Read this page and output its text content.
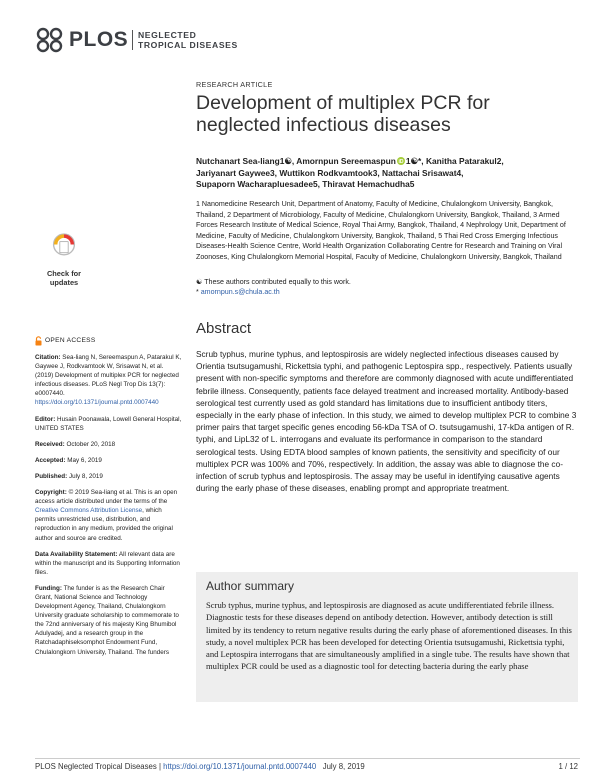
PLOS NEGLECTED
TROPICAL DISEASES
RESEARCH ARTICLE
Development of multiplex PCR for neglected infectious diseases
Nutchanart Sea-liang1☯, Amornpun Sereemaspun iD 1☯*, Kanitha Patarakul2,
Jariyanart Gaywee3, Wuttikon Rodkvamtook3, Nattachai Srisawat4,
Supaporn Wacharapluesadee5, Thiravat Hemachudha5
1 Nanomedicine Research Unit, Department of Anatomy, Faculty of Medicine, Chulalongkorn University, Bangkok, Thailand, 2 Department of Microbiology, Faculty of Medicine, Chulalongkorn University, Bangkok, Thailand, 3 Armed Forces Research Institute of Medical Science, Royal Thai Army, Bangkok, Thailand, 4 Nephrology Unit, Department of Medicine, Faculty of Medicine, Chulalongkorn University, Bangkok, Thailand, 5 Thai Red Cross Emerging Infectious Diseases-Health Science Centre, World Health Organization Collaborating Centre for Research and Training on Viral Zoonoses, King Chulalongkorn Memorial Hospital, Faculty of Medicine, Chulalongkorn University, Bangkok, Thailand
☯ These authors contributed equally to this work.
* amornpun.s@chula.ac.th
Check for
updates
Abstract

Scrub typhus, murine typhus, and leptospirosis are widely neglected infectious diseases caused by Orientia tsutsugamushi, Rickettsia typhi, and pathogenic Leptospira spp., respectively. Patients usually present with non-specific symptoms and therefore are commonly diagnosed with acute undifferentiated febrile illness. Consequently, patients face delayed treatment and increased mortality. Antibody-based serological test currently used as gold standard has limitations due to insufficient antibody titers, especially in the early phase of infection. In this study, we aimed to develop multiplex PCR to combine 3 primer pairs that target specific genes encoding 56-kDa TSA of O. tsutsugamushi, 17-kDa antigen of R. typhi, and LipL32 of L. interrogans and evaluate its performance in comparison to the standard serological tests. Using EDTA blood samples of known patients, the sensitivity and specificity of our multiplex PCR was 100% and 70%, respectively. In addition, the assay was able to diagnose the co-infection of scrub typhus and leptospirosis. The assay may be useful in identifying causative agents during the early phase of these diseases, enabling prompt and appropriate treatment.

Author summary

Scrub typhus, murine typhus, and leptospirosis are diagnosed as acute undifferentiated febrile illness. Diagnostic tests for these diseases depend on antibody detection. However, antibody detection is still limited by its tendency to return negative results during the early phase of aforementioned diseases. In this study, a novel multiplex PCR has been developed for detecting Orientia tsutsugamushi, Rickettsia typhi, and Leptospira interrogans that are simultaneously amplified in a single tube. The results have shown that multiplex PCR could be used as a diagnostic tool for detecting bacteria during the early phase

OPEN ACCESS
Citation: Sea-liang N, Sereemaspun A, Patarakul K, Gaywee J, Rodkvamtook W, Srisawat N, et al. (2019) Development of multiplex PCR for neglected infectious diseases. PLoS Negl Trop Dis 13(7): e0007440. https://doi.org/10.1371/journal.pntd.0007440
Editor: Husain Poonawala, Lowell General Hospital, UNITED STATES
Received: October 20, 2018
Accepted: May 6, 2019
Published: July 8, 2019
Copyright: © 2019 Sea-liang et al. This is an open access article distributed under the terms of the Creative Commons Attribution License, which permits unrestricted use, distribution, and reproduction in any medium, provided the original author and source are credited.
Data Availability Statement: All relevant data are within the manuscript and its Supporting Information files.
Funding: The funder is as the Research Chair Grant, National Science and Technology Development Agency, Thailand, Chulalongkorn University graduate scholarship to commemorate to the 72nd anniversary of his majesty King Bhumibol Adulyadej, and a research group in the Ratchadaphiseksomphot Endowment Fund, Chulalongkorn University, Thailand. The funders
PLOS Neglected Tropical Diseases | https://doi.org/10.1371/journal.pntd.0007440 July 8, 2019	1 / 12
